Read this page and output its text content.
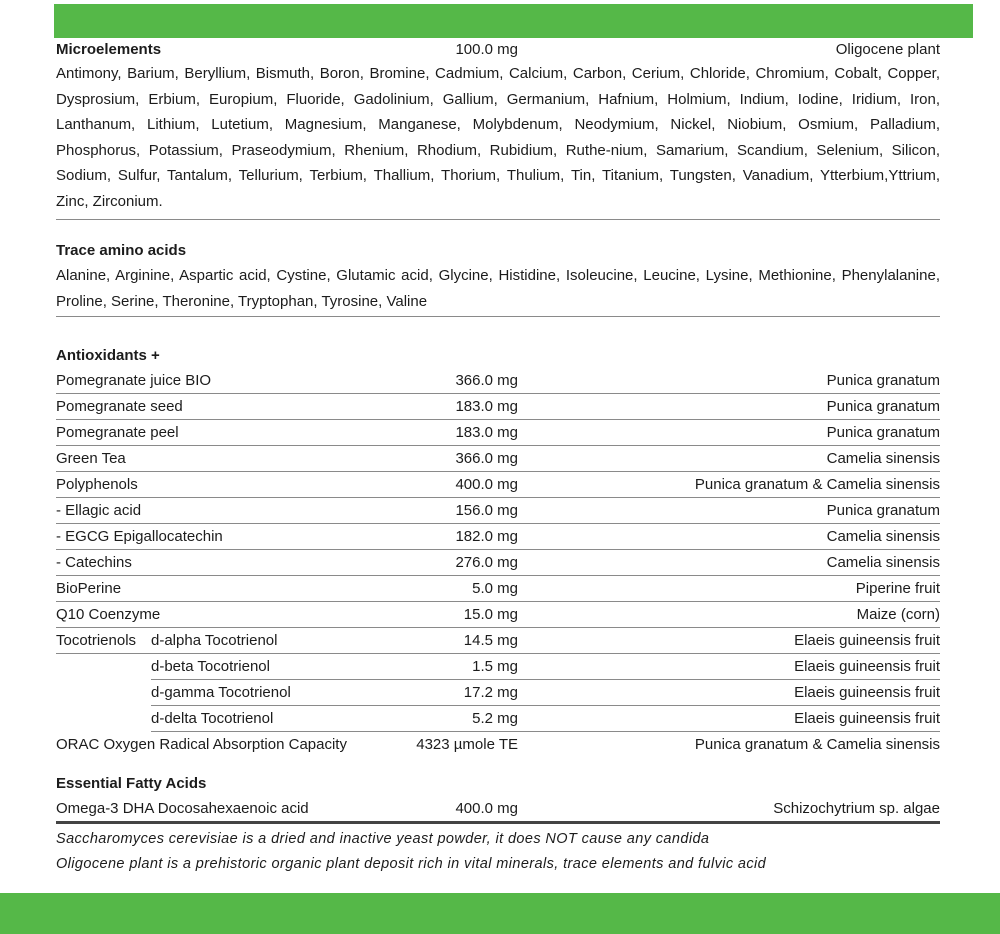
Microelements	100.0 mg	Oligocene plant

Antimony, Barium, Beryllium, Bismuth, Boron, Bromine, Cadmium, Calcium, Carbon, Cerium, Chloride, Chromium, Cobalt, Copper, Dysprosium, Erbium, Europium, Fluoride, Gadolinium, Gallium, Germanium, Hafnium, Holmium, Indium, Iodine, Iridium, Iron, Lanthanum, Lithium, Lutetium, Magnesium, Manganese, Molybdenum, Neodymium, Nickel, Niobium, Osmium, Palladium, Phosphorus, Potassium, Praseodymium, Rhenium, Rhodium, Rubidium, Ruthe-nium, Samarium, Scandium, Selenium, Silicon, Sodium, Sulfur, Tantalum, Tellurium, Terbium, Thallium, Thorium, Thulium, Tin, Titanium, Tungsten, Vanadium, Ytterbium,Yttrium, Zinc, Zirconium.

Trace amino acids

Alanine, Arginine, Aspartic acid, Cystine, Glutamic acid, Glycine, Histidine, Isoleucine, Leucine, Lysine, Methionine, Phenylalanine, Proline, Serine, Theronine, Tryptophan, Tyrosine, Valine

Antioxidants +
Pomegranate juice BIO	366.0 mg	Punica granatum
Pomegranate seed	183.0 mg	Punica granatum
Pomegranate peel	183.0 mg	Punica granatum
Green Tea	366.0 mg	Camelia sinensis
Polyphenols	400.0 mg	Punica granatum & Camelia sinensis
- Ellagic acid	156.0 mg	Punica granatum
- EGCG Epigallocatechin	182.0 mg	Camelia sinensis
- Catechins	276.0 mg	Camelia sinensis
BioPerine	5.0 mg	Piperine fruit
Q10 Coenzyme	15.0 mg	Maize (corn)
Tocotrienols d-alpha Tocotrienol	14.5 mg	Elaeis guineensis fruit
d-beta Tocotrienol	1.5 mg	Elaeis guineensis fruit
d-gamma Tocotrienol	17.2 mg	Elaeis guineensis fruit
d-delta Tocotrienol	5.2 mg	Elaeis guineensis fruit
ORAC Oxygen Radical Absorption Capacity	4323 µmole TE	Punica granatum & Camelia sinensis
Essential Fatty Acids
Omega-3 DHA Docosahexaenoic acid	400.0 mg	Schizochytrium sp. algae
Saccharomyces cerevisiae is a dried and inactive yeast powder, it does NOT cause any candida
Oligocene plant is a prehistoric organic plant deposit rich in vital minerals, trace elements and fulvic acid
